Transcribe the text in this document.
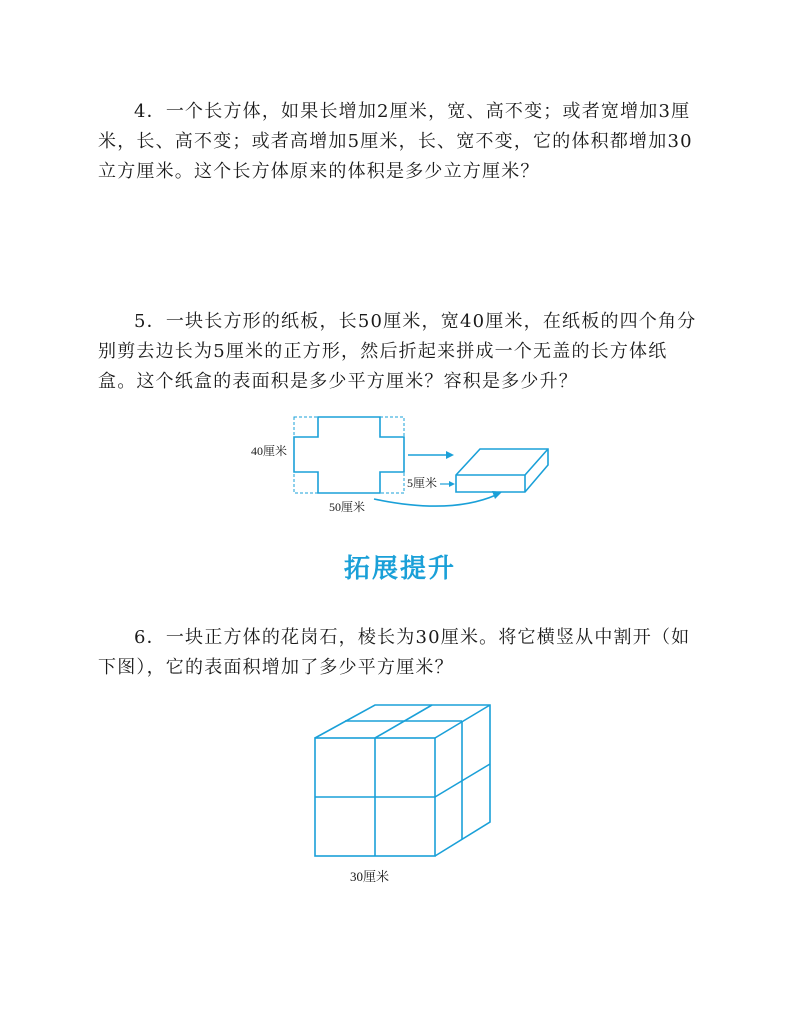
4．一个长方体，如果长增加2厘米，宽、高不变；或者宽增加3厘
米，长、高不变；或者高增加5厘米，长、宽不变，它的体积都增加30
立方厘米。这个长方体原来的体积是多少立方厘米？
5．一块长方形的纸板，长50厘米，宽40厘米，在纸板的四个角分
别剪去边长为5厘米的正方形，然后折起来拼成一个无盖的长方体纸
盒。这个纸盒的表面积是多少平方厘米？容积是多少升？
40厘米
50厘米
5厘米
拓展提升
6．一块正方体的花岗石，棱长为30厘米。将它横竖从中割开（如
下图），它的表面积增加了多少平方厘米？
30厘米
